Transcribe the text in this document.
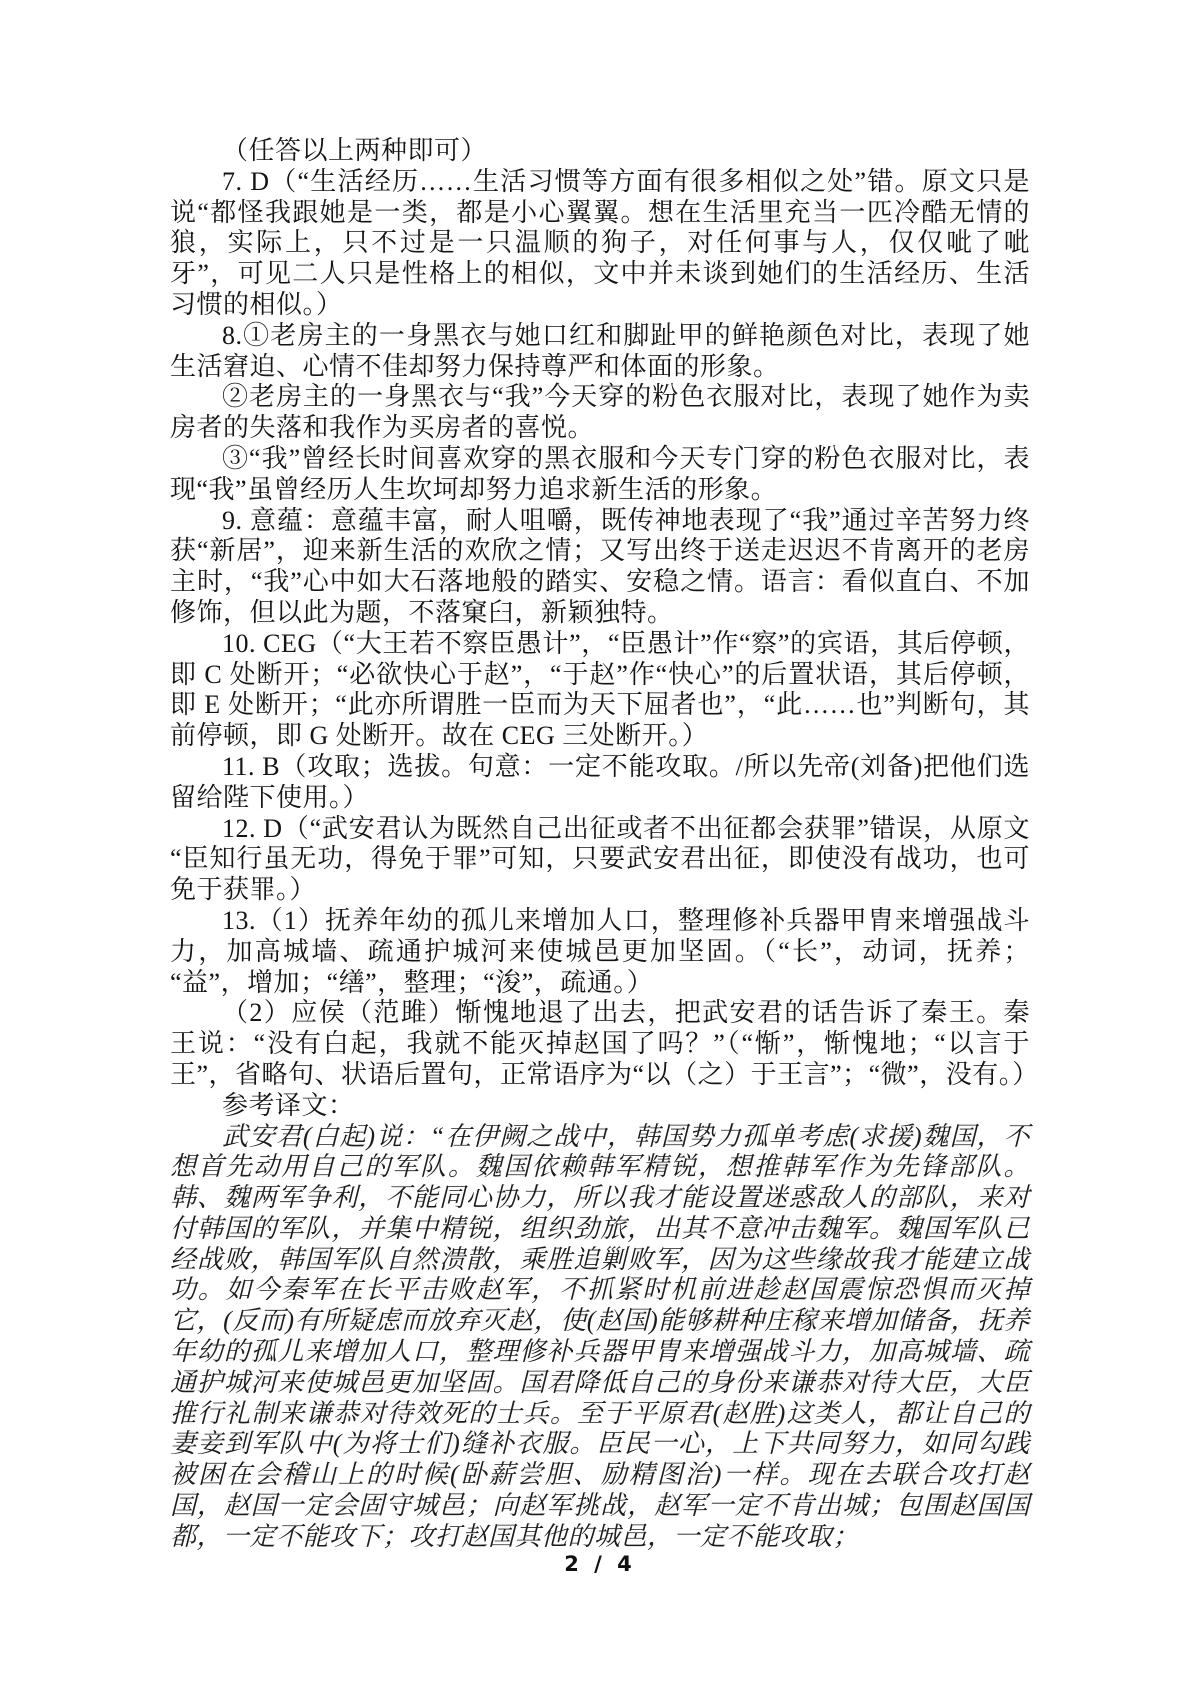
（任答以上两种即可）

7. D（“生活经历……生活习惯等方面有很多相似之处”错。原文只是说“都怪我跟她是一类，都是小心翼翼。想在生活里充当一匹冷酷无情的狼，实际上，只不过是一只温顺的狗子，对任何事与人，仅仅呲了呲牙”，可见二人只是性格上的相似，文中并未谈到她们的生活经历、生活习惯的相似。）

8.①老房主的一身黑衣与她口红和脚趾甲的鲜艳颜色对比，表现了她生活窘迫、心情不佳却努力保持尊严和体面的形象。

②老房主的一身黑衣与“我”今天穿的粉色衣服对比，表现了她作为卖房者的失落和我作为买房者的喜悦。

③“我”曾经长时间喜欢穿的黑衣服和今天专门穿的粉色衣服对比，表现“我”虽曾经历人生坎坷却努力追求新生活的形象。

9. 意蕴：意蕴丰富，耐人咀嚼，既传神地表现了“我”通过辛苦努力终获“新居”，迎来新生活的欢欣之情；又写出终于送走迟迟不肯离开的老房主时，“我”心中如大石落地般的踏实、安稳之情。语言：看似直白、不加修饰，但以此为题，不落窠臼，新颖独特。

10. CEG（“大王若不察臣愚计”，“臣愚计”作“察”的宾语，其后停顿，即 C 处断开；“必欲快心于赵”，“于赵”作“快心”的后置状语，其后停顿，即 E 处断开；“此亦所谓胜一臣而为天下屈者也”，“此……也”判断句，其前停顿，即 G 处断开。故在 CEG 三处断开。）

11. B（攻取；选拔。句意：一定不能攻取。/所以先帝(刘备)把他们选留给陛下使用。）

12. D（“武安君认为既然自己出征或者不出征都会获罪”错误，从原文“臣知行虽无功，得免于罪”可知，只要武安君出征，即使没有战功，也可免于获罪。）

13.（1）抚养年幼的孤儿来增加人口，整理修补兵器甲胄来增强战斗力，加高城墙、疏通护城河来使城邑更加坚固。（“长”，动词，抚养；“益”，增加；“缮”，整理；“浚”，疏通。）

（2）应侯（范雎）惭愧地退了出去，把武安君的话告诉了秦王。秦王说：“没有白起，我就不能灭掉赵国了吗？”（“惭”，惭愧地；“以言于王”，省略句、状语后置句，正常语序为“以（之）于王言”；“微”，没有。）

参考译文：

武安君(白起)说：“在伊阙之战中，韩国势力孤单考虑(求援)魏国，不想首先动用自己的军队。魏国依赖韩军精锐，想推韩军作为先锋部队。韩、魏两军争利，不能同心协力，所以我才能设置迷惑敌人的部队，来对付韩国的军队，并集中精锐，组织劲旅，出其不意冲击魏军。魏国军队已经战败，韩国军队自然溃散，乘胜追剿败军，因为这些缘故我才能建立战功。如今秦军在长平击败赵军，不抓紧时机前进趁赵国震惊恐惧而灭掉它，(反而)有所疑虑而放弃灭赵，使(赵国)能够耕种庄稼来增加储备，抚养年幼的孤儿来增加人口，整理修补兵器甲胄来增强战斗力，加高城墙、疏通护城河来使城邑更加坚固。国君降低自己的身份来谦恭对待大臣，大臣推行礼制来谦恭对待效死的士兵。至于平原君(赵胜)这类人，都让自己的妻妾到军队中(为将士们)缝补衣服。臣民一心，上下共同努力，如同勾践被困在会稽山上的时候(卧薪尝胆、励精图治)一样。现在去联合攻打赵国，赵国一定会固守城邑；向赵军挑战，赵军一定不肯出城；包围赵国国都，一定不能攻下；攻打赵国其他的城邑，一定不能攻取；

2 / 4
